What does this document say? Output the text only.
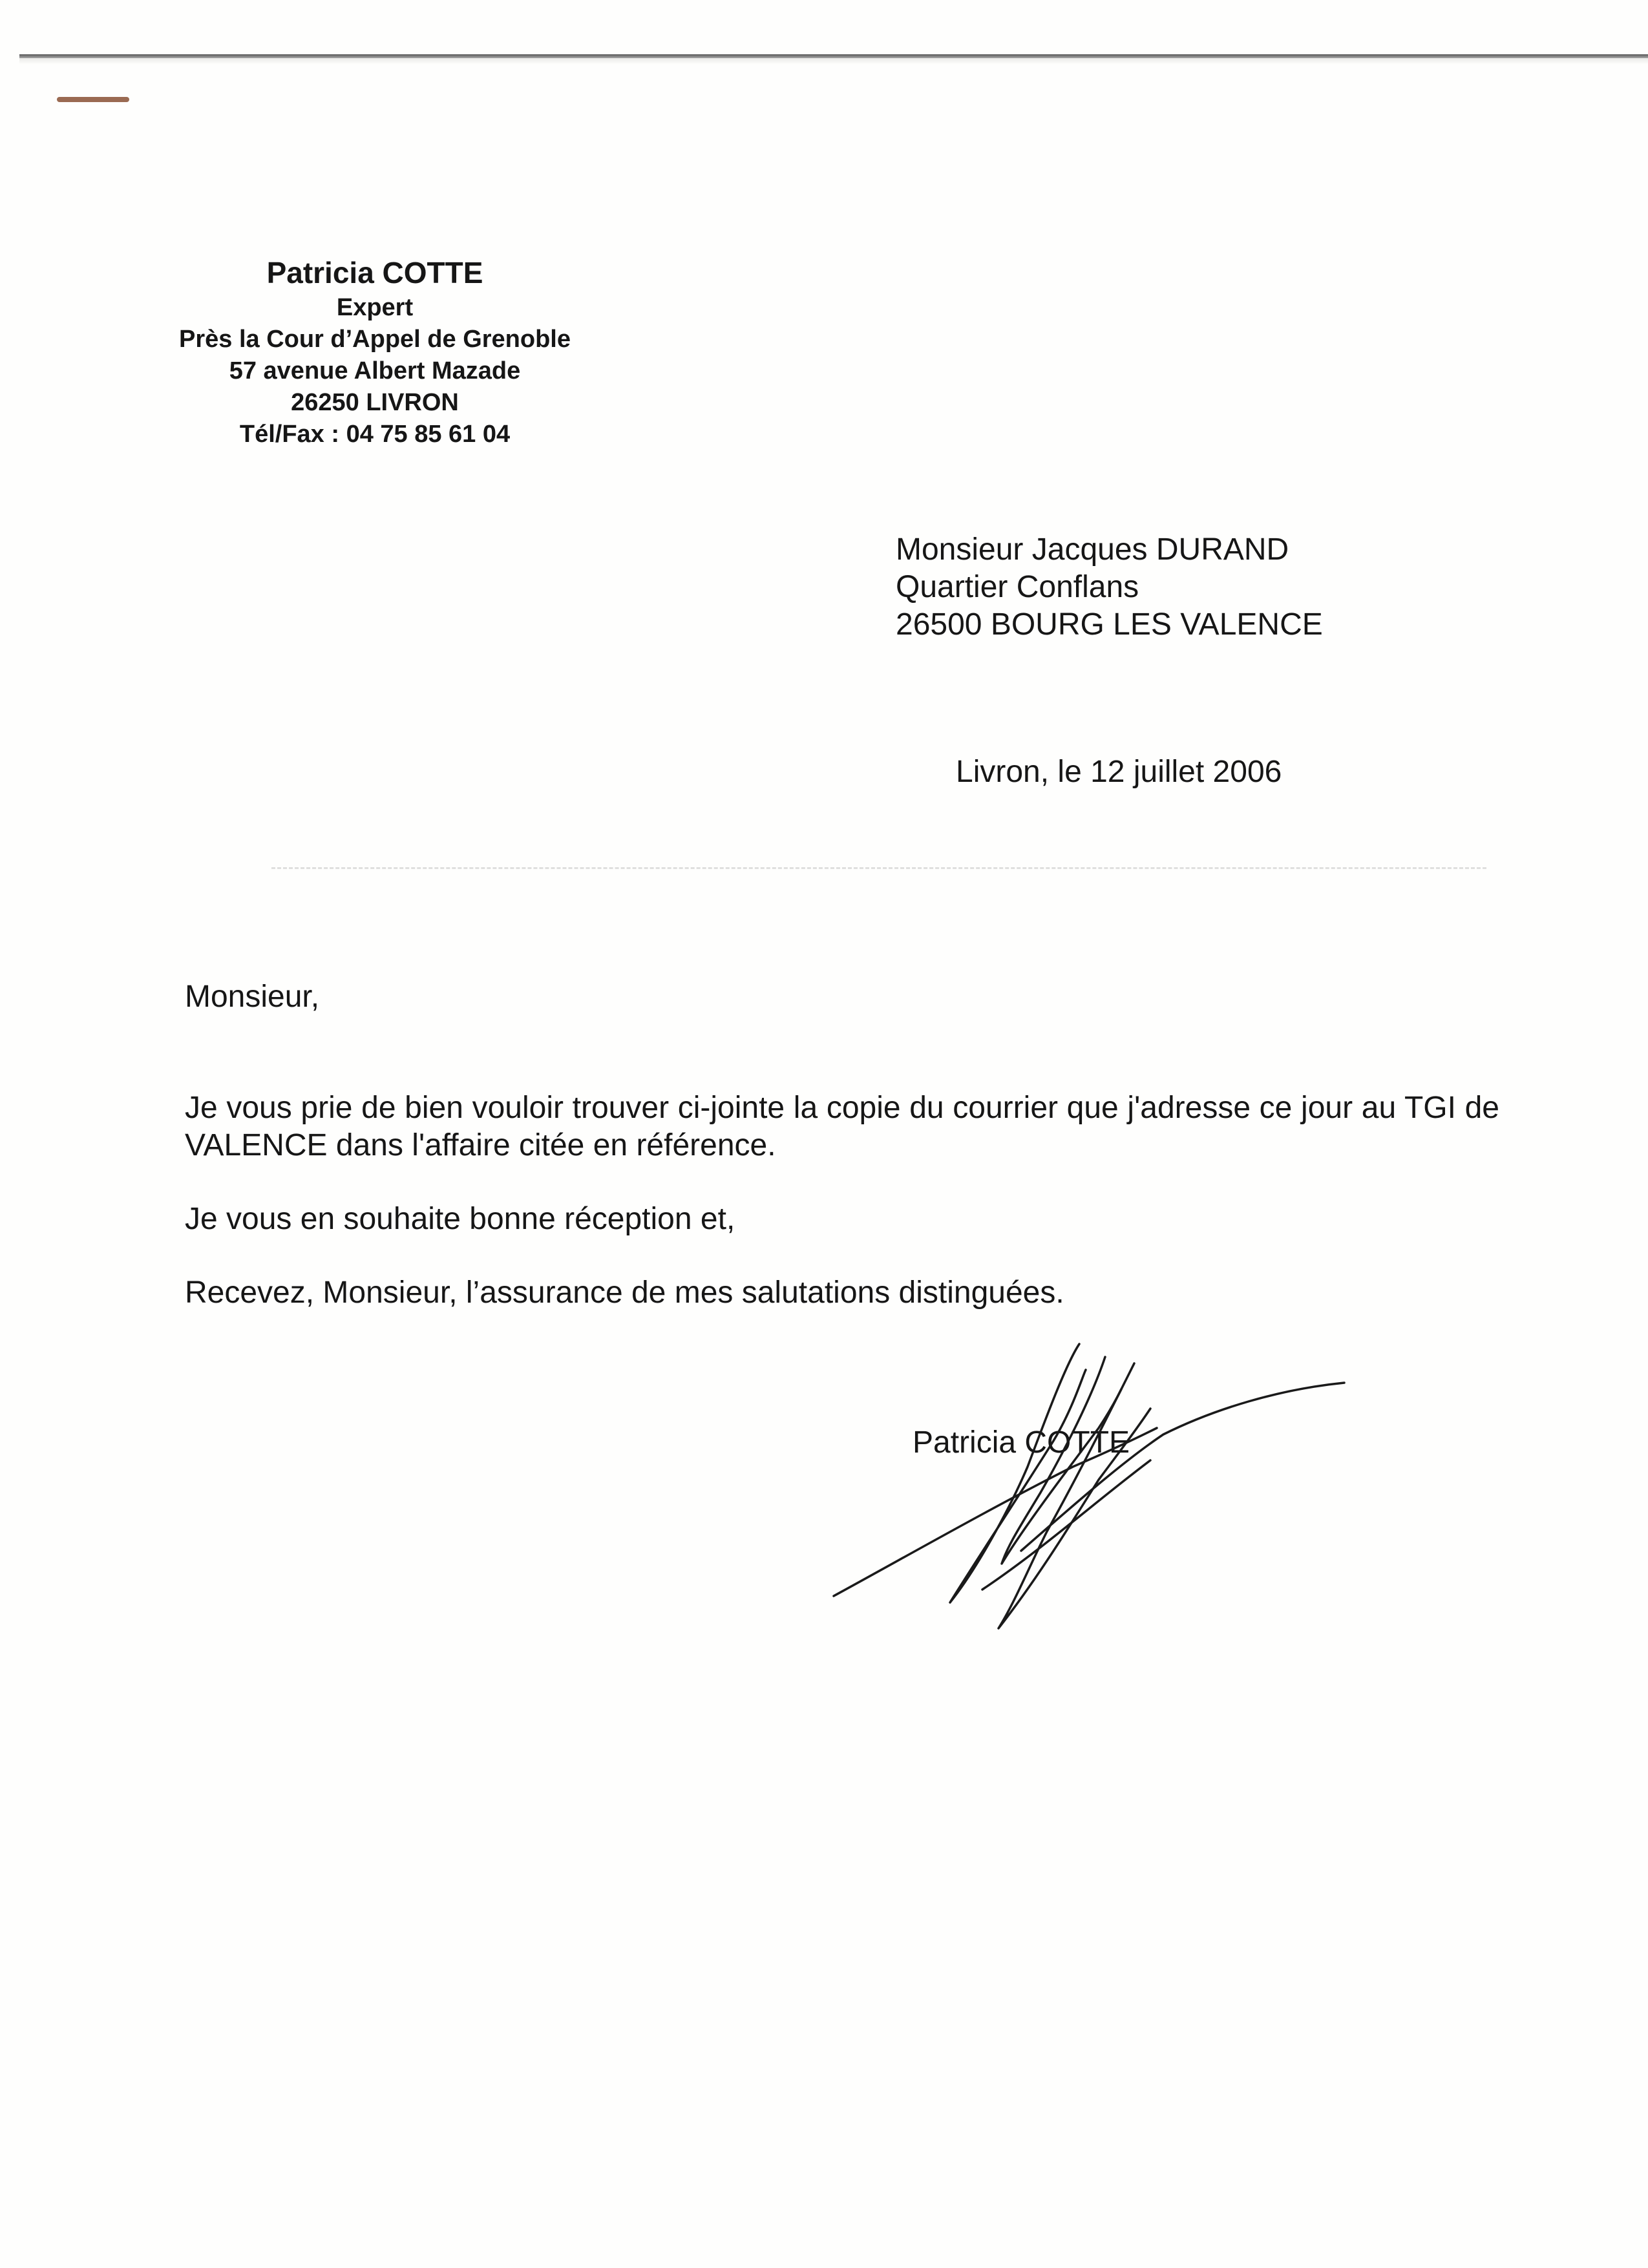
Patricia COTTE
Expert
Près la Cour d’Appel de Grenoble
57 avenue Albert Mazade
26250 LIVRON
Tél/Fax : 04 75 85 61 04
Monsieur Jacques DURAND
Quartier Conflans
26500 BOURG LES VALENCE
Livron, le 12 juillet 2006

Monsieur,

Je vous prie de bien vouloir trouver ci-jointe la copie du courrier que j'adresse ce jour au TGI de VALENCE dans l'affaire citée en référence.

Je vous en souhaite bonne réception et,

Recevez, Monsieur, l’assurance de mes salutations distinguées.

Patricia COTTE
